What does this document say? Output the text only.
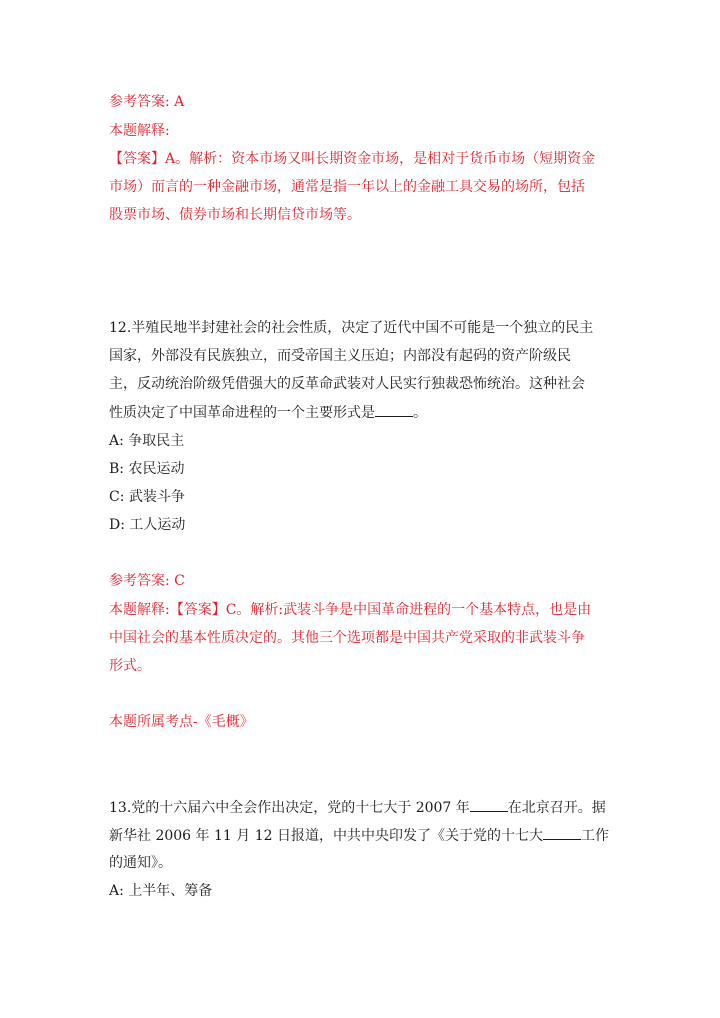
参考答案: A
本题解释:
【答案】A。解析：资本市场又叫长期资金市场，是相对于货币市场（短期资金
市场）而言的一种金融市场，通常是指一年以上的金融工具交易的场所，包括
股票市场、债券市场和长期信贷市场等。
12.半殖民地半封建社会的社会性质，决定了近代中国不可能是一个独立的民主
国家，外部没有民族独立，而受帝国主义压迫；内部没有起码的资产阶级民
主，反动统治阶级凭借强大的反革命武装对人民实行独裁恐怖统治。这种社会
性质决定了中国革命进程的一个主要形式是	。
A: 争取民主
B: 农民运动
C: 武装斗争
D: 工人运动
参考答案: C
本题解释:【答案】C。解析:武装斗争是中国革命进程的一个基本特点，也是由
中国社会的基本性质决定的。其他三个选项都是中国共产党采取的非武装斗争
形式。
本题所属考点-《毛概》
13.党的十六届六中全会作出决定，党的十七大于 2007 年	在北京召开。据
新华社 2006 年 11 月 12 日报道，中共中央印发了《关于党的十七大	工作
的通知》。
A: 上半年、筹备
